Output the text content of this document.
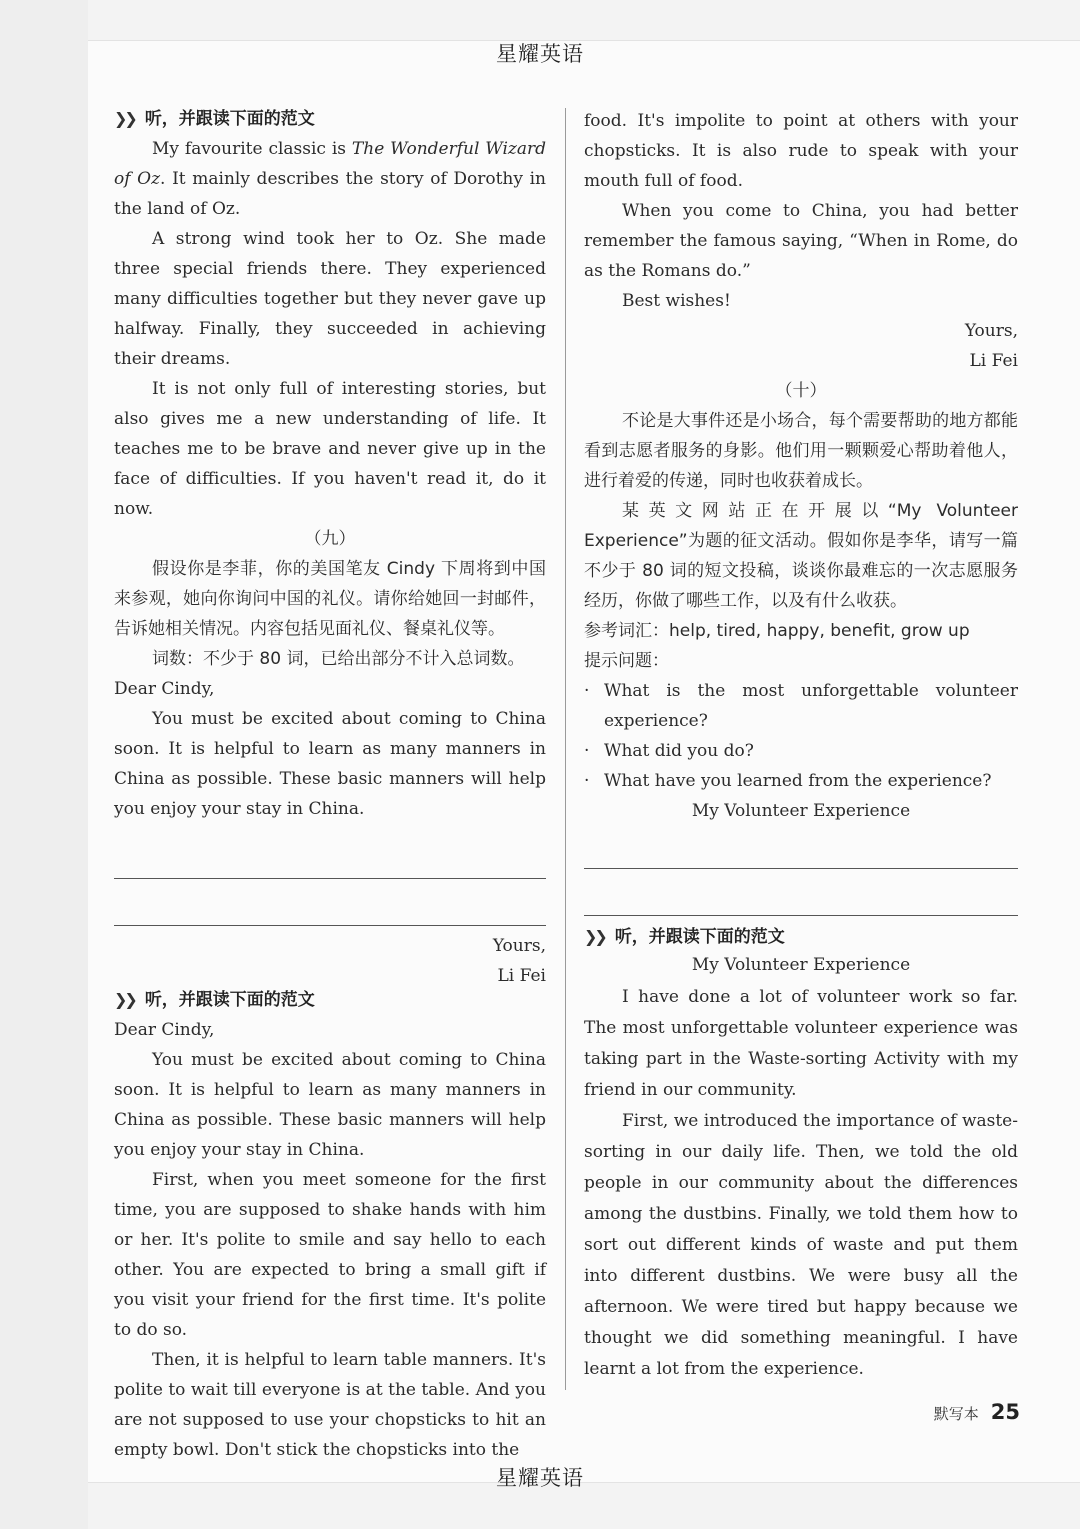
星耀英语
❯❯ 听，并跟读下面的范文

My favourite classic is The Wonderful Wizard of Oz. It mainly describes the story of Dorothy in the land of Oz.

A strong wind took her to Oz. She made three special friends there. They experienced many difficulties together but they never gave up halfway. Finally, they succeeded in achieving their dreams.

It is not only full of interesting stories, but also gives me a new understanding of life. It teaches me to be brave and never give up in the face of difficulties. If you haven't read it, do it now.

（九）

假设你是李菲，你的美国笔友 Cindy 下周将到中国来参观，她向你询问中国的礼仪。请你给她回一封邮件，告诉她相关情况。内容包括见面礼仪、餐桌礼仪等。

词数：不少于 80 词，已给出部分不计入总词数。

Dear Cindy,

You must be excited about coming to China soon. It is helpful to learn as many manners in China as possible. These basic manners will help you enjoy your stay in China.

Yours,

Li Fei

❯❯ 听，并跟读下面的范文

Dear Cindy,

You must be excited about coming to China soon. It is helpful to learn as many manners in China as possible. These basic manners will help you enjoy your stay in China.

First, when you meet someone for the first time, you are supposed to shake hands with him or her. It's polite to smile and say hello to each other. You are expected to bring a small gift if you visit your friend for the first time. It's polite to do so.

Then, it is helpful to learn table manners. It's polite to wait till everyone is at the table. And you are not supposed to use your chopsticks to hit an empty bowl. Don't stick the chopsticks into the

food. It's impolite to point at others with your chopsticks. It is also rude to speak with your mouth full of food.

When you come to China, you had better remember the famous saying, “When in Rome, do as the Romans do.”

Best wishes!

Yours,

Li Fei

（十）

不论是大事件还是小场合，每个需要帮助的地方都能看到志愿者服务的身影。他们用一颗颗爱心帮助着他人，进行着爱的传递，同时也收获着成长。

某英文网站正在开展以“My Volunteer Experience”为题的征文活动。假如你是李华，请写一篇不少于 80 词的短文投稿，谈谈你最难忘的一次志愿服务经历，你做了哪些工作，以及有什么收获。

参考词汇：help, tired, happy, benefit, grow up

提示问题：

· What is the most unforgettable volunteer experience?
· What did you do?
· What have you learned from the experience?

My Volunteer Experience

❯❯ 听，并跟读下面的范文

My Volunteer Experience

I have done a lot of volunteer work so far. The most unforgettable volunteer experience was taking part in the Waste-sorting Activity with my friend in our community.

First, we introduced the importance of waste-sorting in our daily life. Then, we told the old people in our community about the differences among the dustbins. Finally, we told them how to sort out different kinds of waste and put them into different dustbins. We were busy all the afternoon. We were tired but happy because we thought we did something meaningful. I have learnt a lot from the experience.

默写本 25
星耀英语
